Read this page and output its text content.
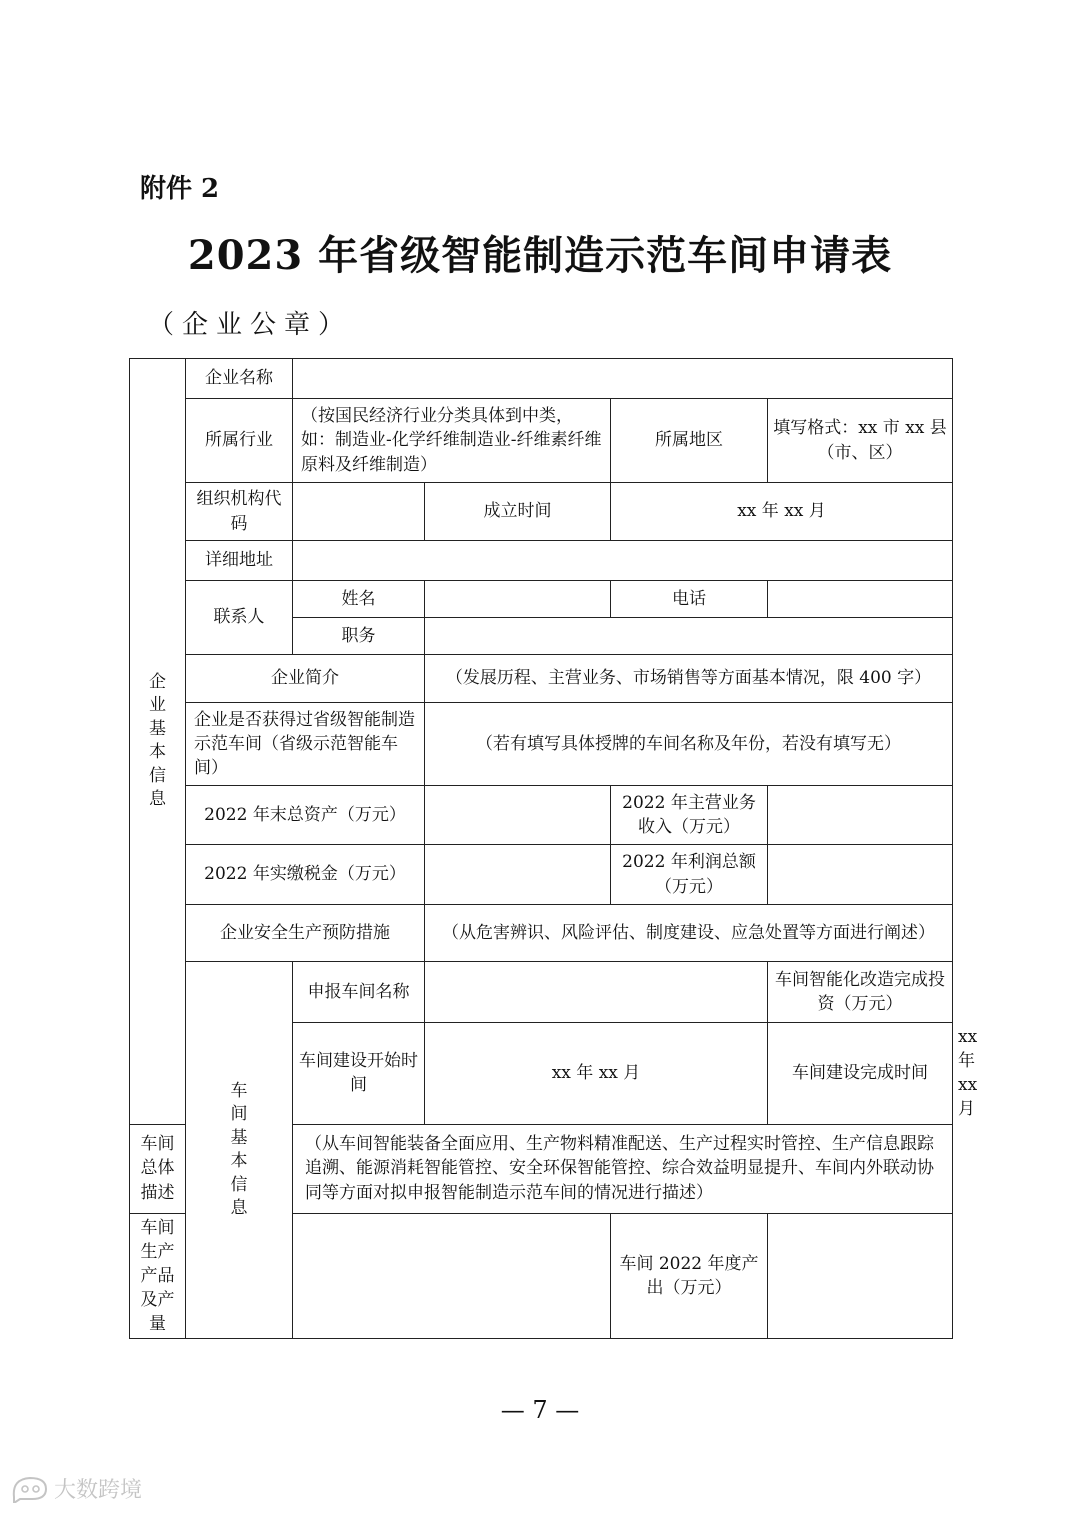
附件 2
2023 年省级智能制造示范车间申请表
（企业公章）
企业基本信息	企业名称					
	所属行业	（按国民经济行业分类具体到中类，如：制造业-化学纤维制造业-纤维素纤维原料及纤维制造）		所属地区	填写格式：xx 市 xx 县（市、区）	
	组织机构代码		成立时间	xx 年 xx 月		
	详细地址					
	联系人	姓名		电话		
		职务				
	企业简介		（发展历程、主营业务、市场销售等方面基本情况，限 400 字）			
	企业是否获得过省级智能制造示范车间（省级示范智能车间）		（若有填写具体授牌的车间名称及年份，若没有填写无）			
	2022 年末总资产（万元）			2022 年主营业务收入（万元）		
	2022 年实缴税金（万元）			2022 年利润总额（万元）		
	企业安全生产预防措施		（从危害辨识、风险评估、制度建设、应急处置等方面进行阐述）			
	车间基本信息	申报车间名称			车间智能化改造完成投资（万元）	
		车间建设开始时间	xx 年 xx 月		车间建设完成时间	xx 年 xx 月
车间总体描述		（从车间智能装备全面应用、生产物料精准配送、生产过程实时管控、生产信息跟踪追溯、能源消耗智能管控、安全环保智能管控、综合效益明显提升、车间内外联动协同等方面对拟申报智能制造示范车间的情况进行描述）				
车间生产产品及产量				车间 2022 年度产出（万元）		
— 7 —
大数跨境
